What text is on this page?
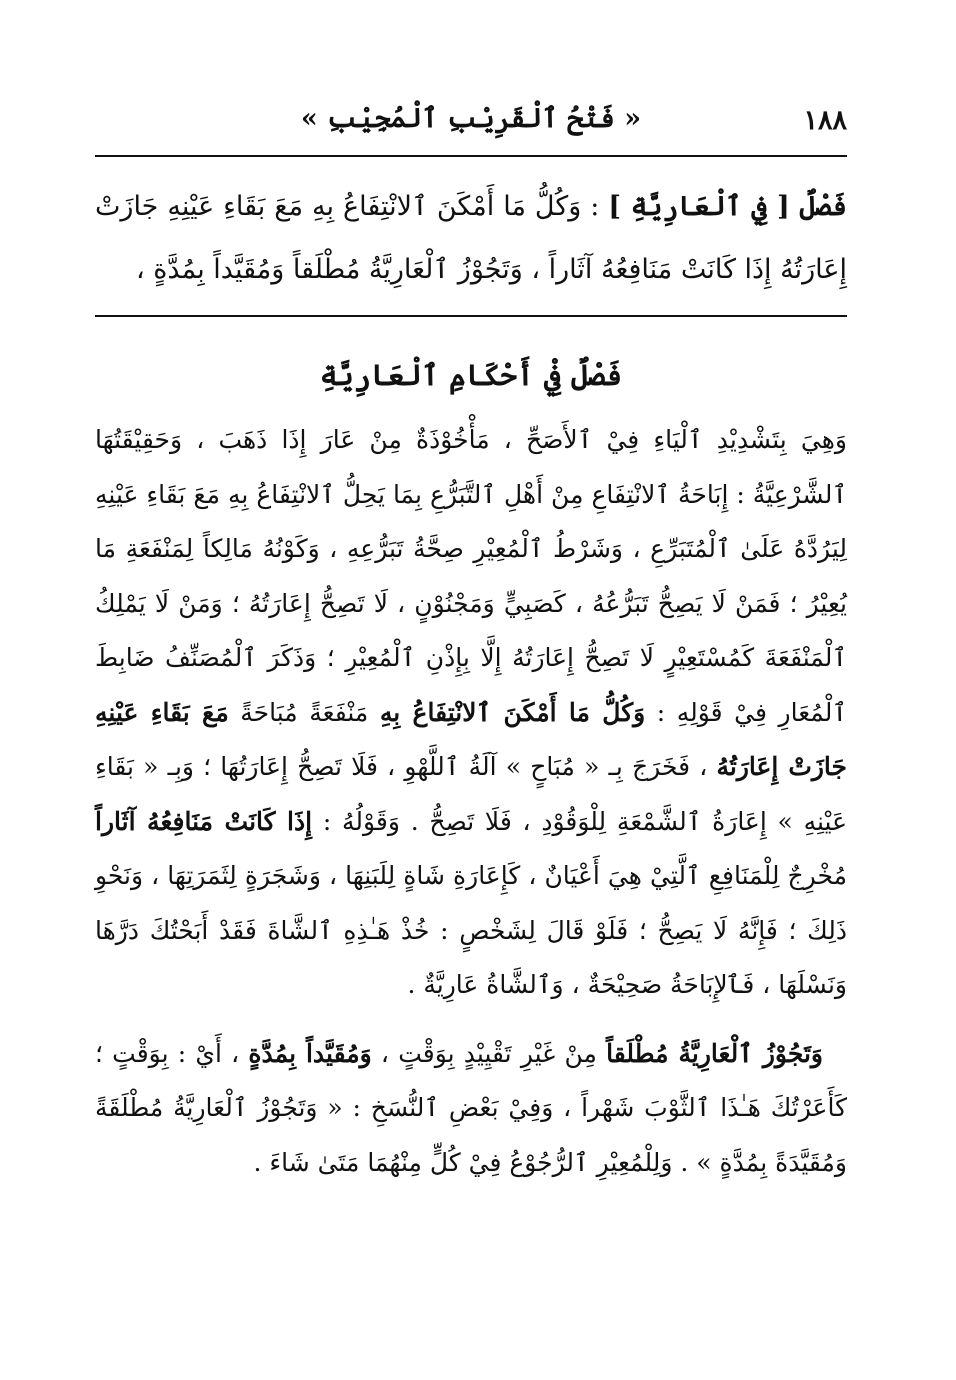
١٨٨
« فَتْحُ ٱلْقَرِيْبِ ٱلْمُجِيْبِ »
فَصْلٌ [ فِي ٱلْعَارِيَّةِ ] : وَكُلُّ مَا أَمْكَنَ ٱلانْتِفَاعُ بِهِ مَعَ بَقَاءِ عَيْنِهِ جَازَتْ إِعَارَتُهُ إِذَا كَانَتْ مَنَافِعُهُ آثَاراً ، وَتَجُوْزُ ٱلْعَارِيَّةُ مُطْلَقاً وَمُقَيَّداً بِمُدَّةٍ ،
فَصْلٌ فِيْ أَحْكَامِ ٱلْعَارِيَّةِ

وَهِيَ بِتَشْدِيْدِ ٱلْيَاءِ فِيْ ٱلأَصَحِّ ، مَأْخُوْذَةٌ مِنْ عَارَ إِذَا ذَهَبَ ، وَحَقِيْقَتُهَا ٱلشَّرْعِيَّةُ : إِبَاحَةُ ٱلانْتِفَاعِ مِنْ أَهْلِ ٱلتَّبَرُّعِ بِمَا يَحِلُّ ٱلانْتِفَاعُ بِهِ مَعَ بَقَاءِ عَيْنِهِ لِيَرُدَّهُ عَلَىٰ ٱلْمُتَبَرِّعِ ، وَشَرْطُ ٱلْمُعِيْرِ صِحَّةُ تَبَرُّعِهِ ، وَكَوْنُهُ مَالِكاً لِمَنْفَعَةِ مَا يُعِيْرُ ؛ فَمَنْ لَا يَصِحُّ تَبَرُّعُهُ ، كَصَبِيٍّ وَمَجْنُوْنٍ ، لَا تَصِحُّ إِعَارَتُهُ ؛ وَمَنْ لَا يَمْلِكُ ٱلْمَنْفَعَةَ كَمُسْتَعِيْرٍ لَا تَصِحُّ إِعَارَتُهُ إِلَّا بِإِذْنِ ٱلْمُعِيْرِ ؛ وَذَكَرَ ٱلْمُصَنِّفُ ضَابِطَ ٱلْمُعَارِ فِيْ قَوْلِهِ : وَكُلُّ مَا أَمْكَنَ ٱلانْتِفَاعُ بِهِ مَنْفَعَةً مُبَاحَةً مَعَ بَقَاءِ عَيْنِهِ جَازَتْ إِعَارَتُهُ ، فَخَرَجَ بِـ « مُبَاحٍ » آلَةُ ٱللَّهْوِ ، فَلَا تَصِحُّ إِعَارَتُهَا ؛ وَبِـ « بَقَاءِ عَيْنِهِ » إِعَارَةُ ٱلشَّمْعَةِ لِلْوَقُوْدِ ، فَلَا تَصِحُّ . وَقَوْلُهُ : إِذَا كَانَتْ مَنَافِعُهُ آثَاراً مُخْرِجٌ لِلْمَنَافِعِ ٱلَّتِيْ هِيَ أَعْيَانٌ ، كَإِعَارَةِ شَاةٍ لِلَبَنِهَا ، وَشَجَرَةٍ لِثَمَرَتِهَا ، وَنَحْوِ ذَلِكَ ؛ فَإِنَّهُ لَا يَصِحُّ ؛ فَلَوْ قَالَ لِشَخْصٍ : خُذْ هَـٰذِهِ ٱلشَّاةَ فَقَدْ أَبَحْتُكَ دَرَّهَا وَنَسْلَهَا ، فَٱلإِبَاحَةُ صَحِيْحَةٌ ، وَٱلشَّاةُ عَارِيَّةٌ .

وَتَجُوْزُ ٱلْعَارِيَّةُ مُطْلَقاً مِنْ غَيْرِ تَقْيِيْدٍ بِوَقْتٍ ، وَمُقَيَّداً بِمُدَّةٍ ، أَيْ : بِوَقْتٍ ؛ كَأَعَرْتُكَ هَـٰذَا ٱلثَّوْبَ شَهْراً ، وَفِيْ بَعْضِ ٱلنُّسَخِ : « وَتَجُوْزُ ٱلْعَارِيَّةُ مُطْلَقَةً وَمُقَيَّدَةً بِمُدَّةٍ » . وَلِلْمُعِيْرِ ٱلرُّجُوْعُ فِيْ كُلٍّ مِنْهُمَا مَتَىٰ شَاءَ .
